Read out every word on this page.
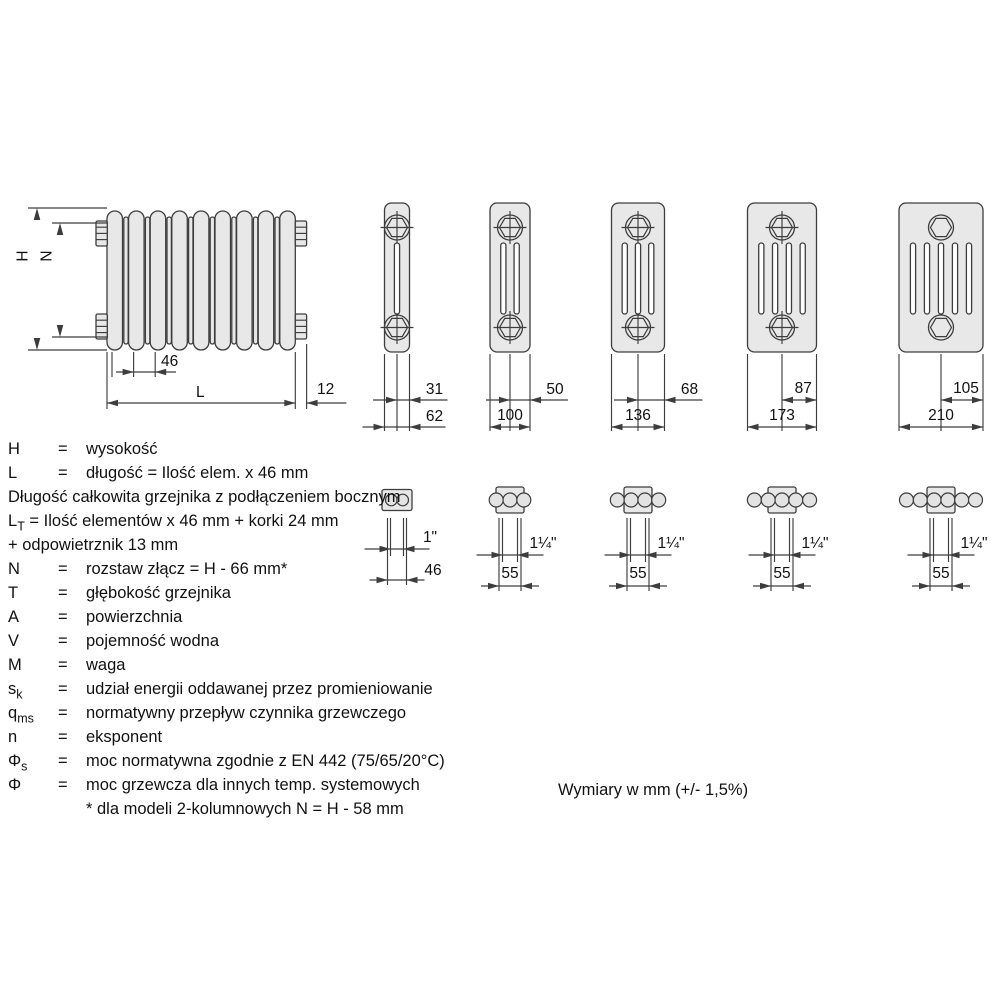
31
62
1"
46
50
100
1¼"
55
68
136
1¼"
55
87
173
1¼"
55
105
210
1¼"
55
H N
46
L	12
H	=	wysokość
L	=	długość = Ilość elem. x 46 mm
Długość całkowita grzejnika z podłączeniem bocznym
$L_T$ = Ilość elementów x 46 mm + korki 24 mm
+ odpowietrznik 13 mm
N	=	rozstaw złącz = H - 66 mm*
T	=	głębokość grzejnika
A	=	powierzchnia
V	=	pojemność wodna
M	=	waga
$s_k$	=	udział energii oddawanej przez promieniowanie
$q_{ms}$	=	normatywny przepływ czynnika grzewczego
n	=	eksponent
$\Phi_s$	=	moc normatywna zgodnie z EN 442 (75/65/20°C)
Φ	=	moc grzewcza dla innych temp. systemowych
* dla modeli 2-kolumnowych N = H - 58 mm
Wymiary w mm (+/- 1,5%)
